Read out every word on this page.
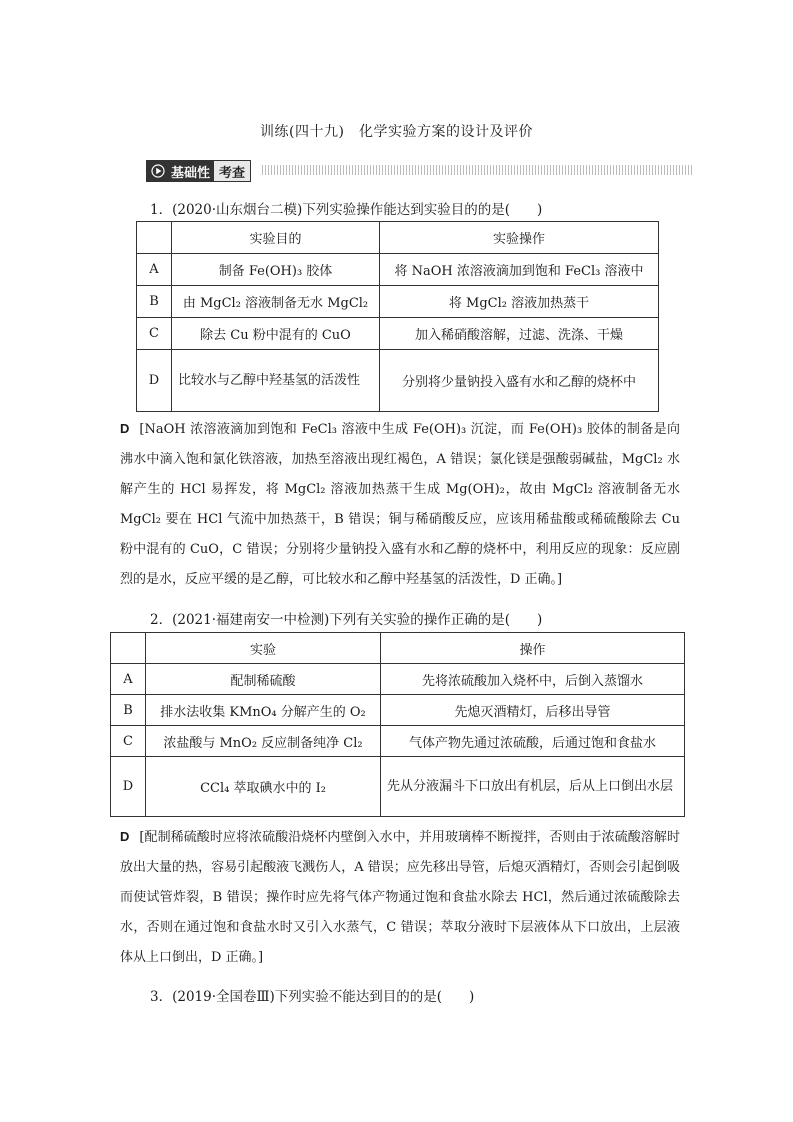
训练(四十九)　化学实验方案的设计及评价
基础性 考查
1．(2020·山东烟台二模)下列实验操作能达到实验目的的是(　　)
	实验目的	实验操作
A	制备 Fe(OH)₃ 胶体	将 NaOH 浓溶液滴加到饱和 FeCl₃ 溶液中
B	由 MgCl₂ 溶液制备无水 MgCl₂	将 MgCl₂ 溶液加热蒸干
C	除去 Cu 粉中混有的 CuO	加入稀硝酸溶解，过滤、洗涤、干燥
D	比较水与乙醇中羟基氢的活泼性	分别将少量钠投入盛有水和乙醇的烧杯中

D [NaOH 浓溶液滴加到饱和 FeCl₃ 溶液中生成 Fe(OH)₃ 沉淀，而 Fe(OH)₃ 胶体的制备是向沸水中滴入饱和氯化铁溶液，加热至溶液出现红褐色，A 错误；氯化镁是强酸弱碱盐，MgCl₂ 水解产生的 HCl 易挥发，将 MgCl₂ 溶液加热蒸干生成 Mg(OH)₂，故由 MgCl₂ 溶液制备无水 MgCl₂ 要在 HCl 气流中加热蒸干，B 错误；铜与稀硝酸反应，应该用稀盐酸或稀硫酸除去 Cu 粉中混有的 CuO，C 错误；分别将少量钠投入盛有水和乙醇的烧杯中，利用反应的现象：反应剧烈的是水，反应平缓的是乙醇，可比较水和乙醇中羟基氢的活泼性，D 正确。]

2．(2021·福建南安一中检测)下列有关实验的操作正确的是(　　)
	实验	操作
A	配制稀硫酸	先将浓硫酸加入烧杯中，后倒入蒸馏水
B	排水法收集 KMnO₄ 分解产生的 O₂	先熄灭酒精灯，后移出导管
C	浓盐酸与 MnO₂ 反应制备纯净 Cl₂	气体产物先通过浓硫酸，后通过饱和食盐水
D	CCl₄ 萃取碘水中的 I₂	先从分液漏斗下口放出有机层，后从上口倒出水层

D [配制稀硫酸时应将浓硫酸沿烧杯内壁倒入水中，并用玻璃棒不断搅拌，否则由于浓硫酸溶解时放出大量的热，容易引起酸液飞溅伤人，A 错误；应先移出导管，后熄灭酒精灯，否则会引起倒吸而使试管炸裂，B 错误；操作时应先将气体产物通过饱和食盐水除去 HCl，然后通过浓硫酸除去水，否则在通过饱和食盐水时又引入水蒸气，C 错误；萃取分液时下层液体从下口放出，上层液体从上口倒出，D 正确。]

3．(2019·全国卷Ⅲ)下列实验不能达到目的的是(　　)
